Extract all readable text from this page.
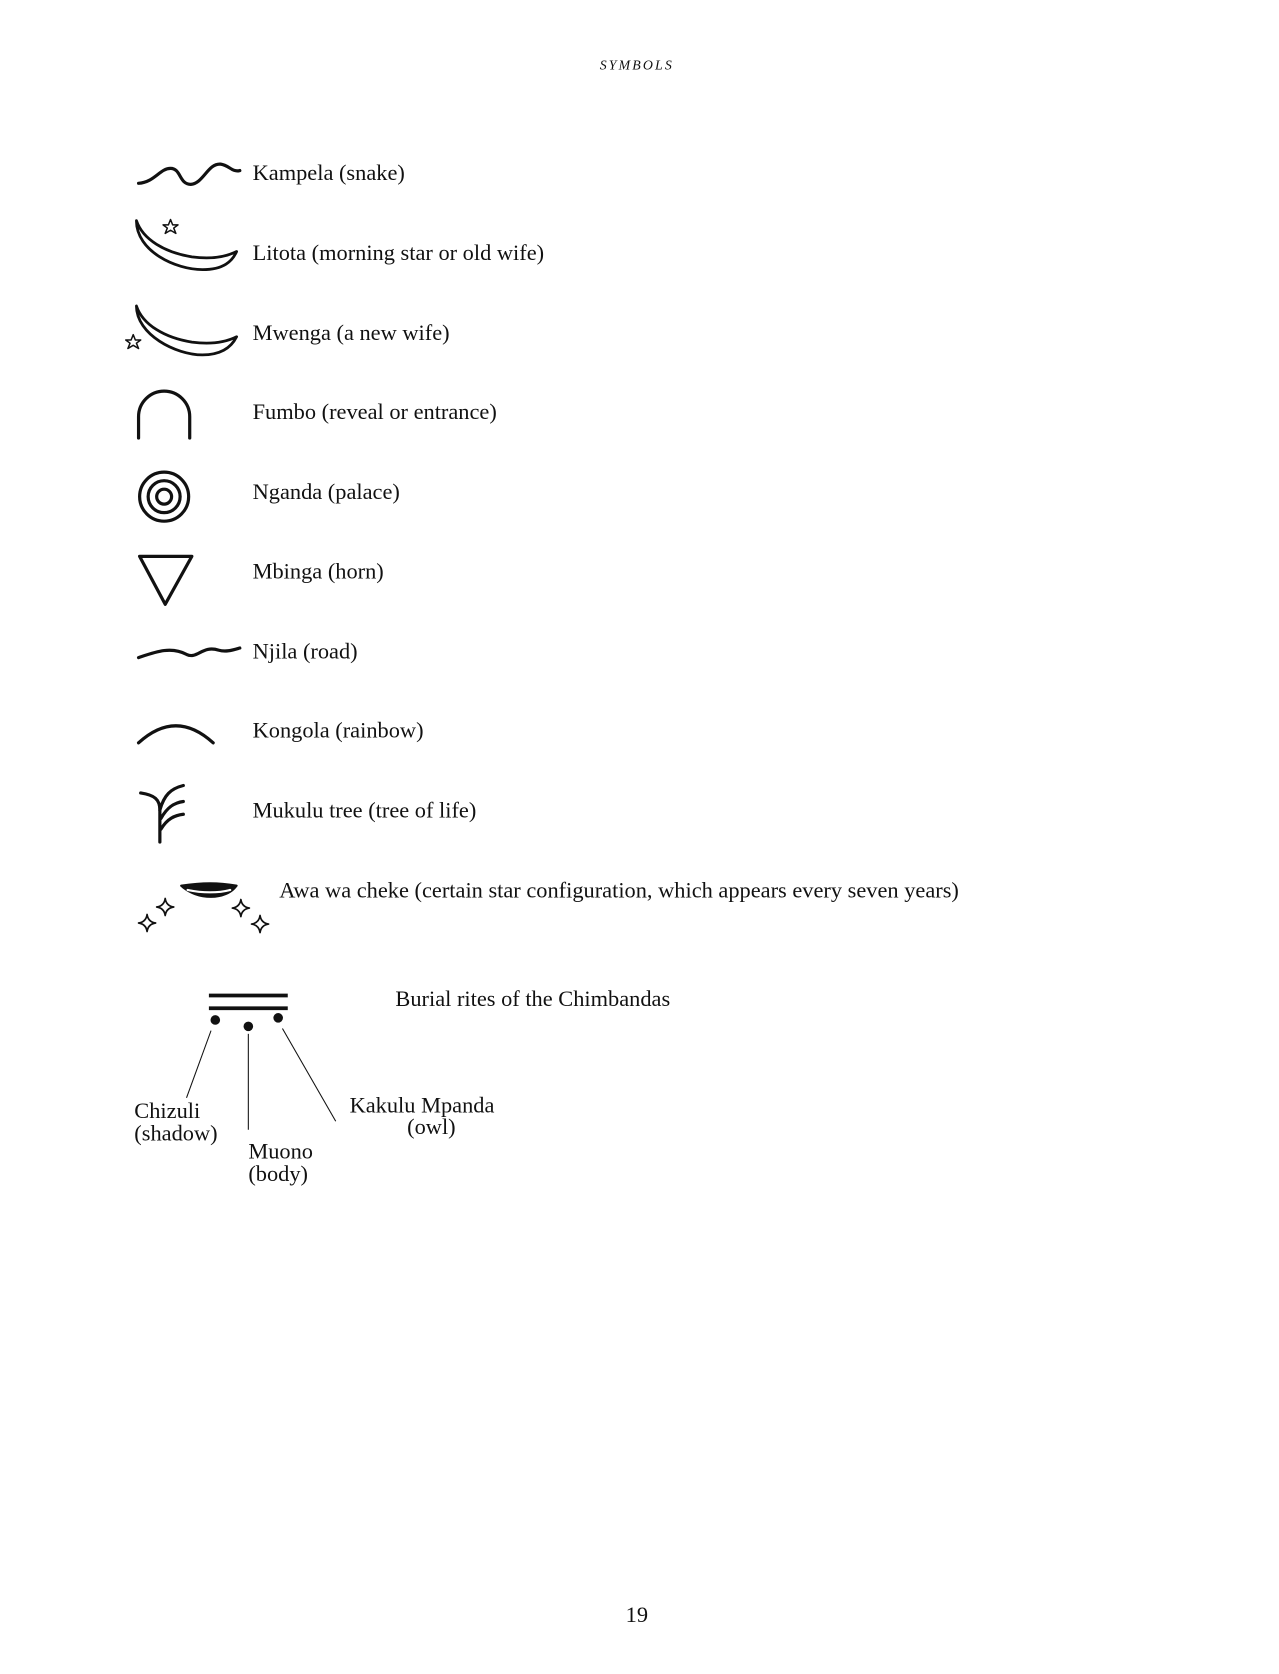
SYMBOLS
Kampela (snake)
Litota (morning star or old wife)
Mwenga (a new wife)
Fumbo (reveal or entrance)
Nganda (palace)
Mbinga (horn)
Njila (road)
Kongola (rainbow)
Mukulu tree (tree of life)
Awa wa cheke (certain star configuration, which appears every seven years)
Burial rites of the Chimbandas
Chizuli
(shadow)
Muono
(body)
Kakulu Mpanda
(owl)
19
